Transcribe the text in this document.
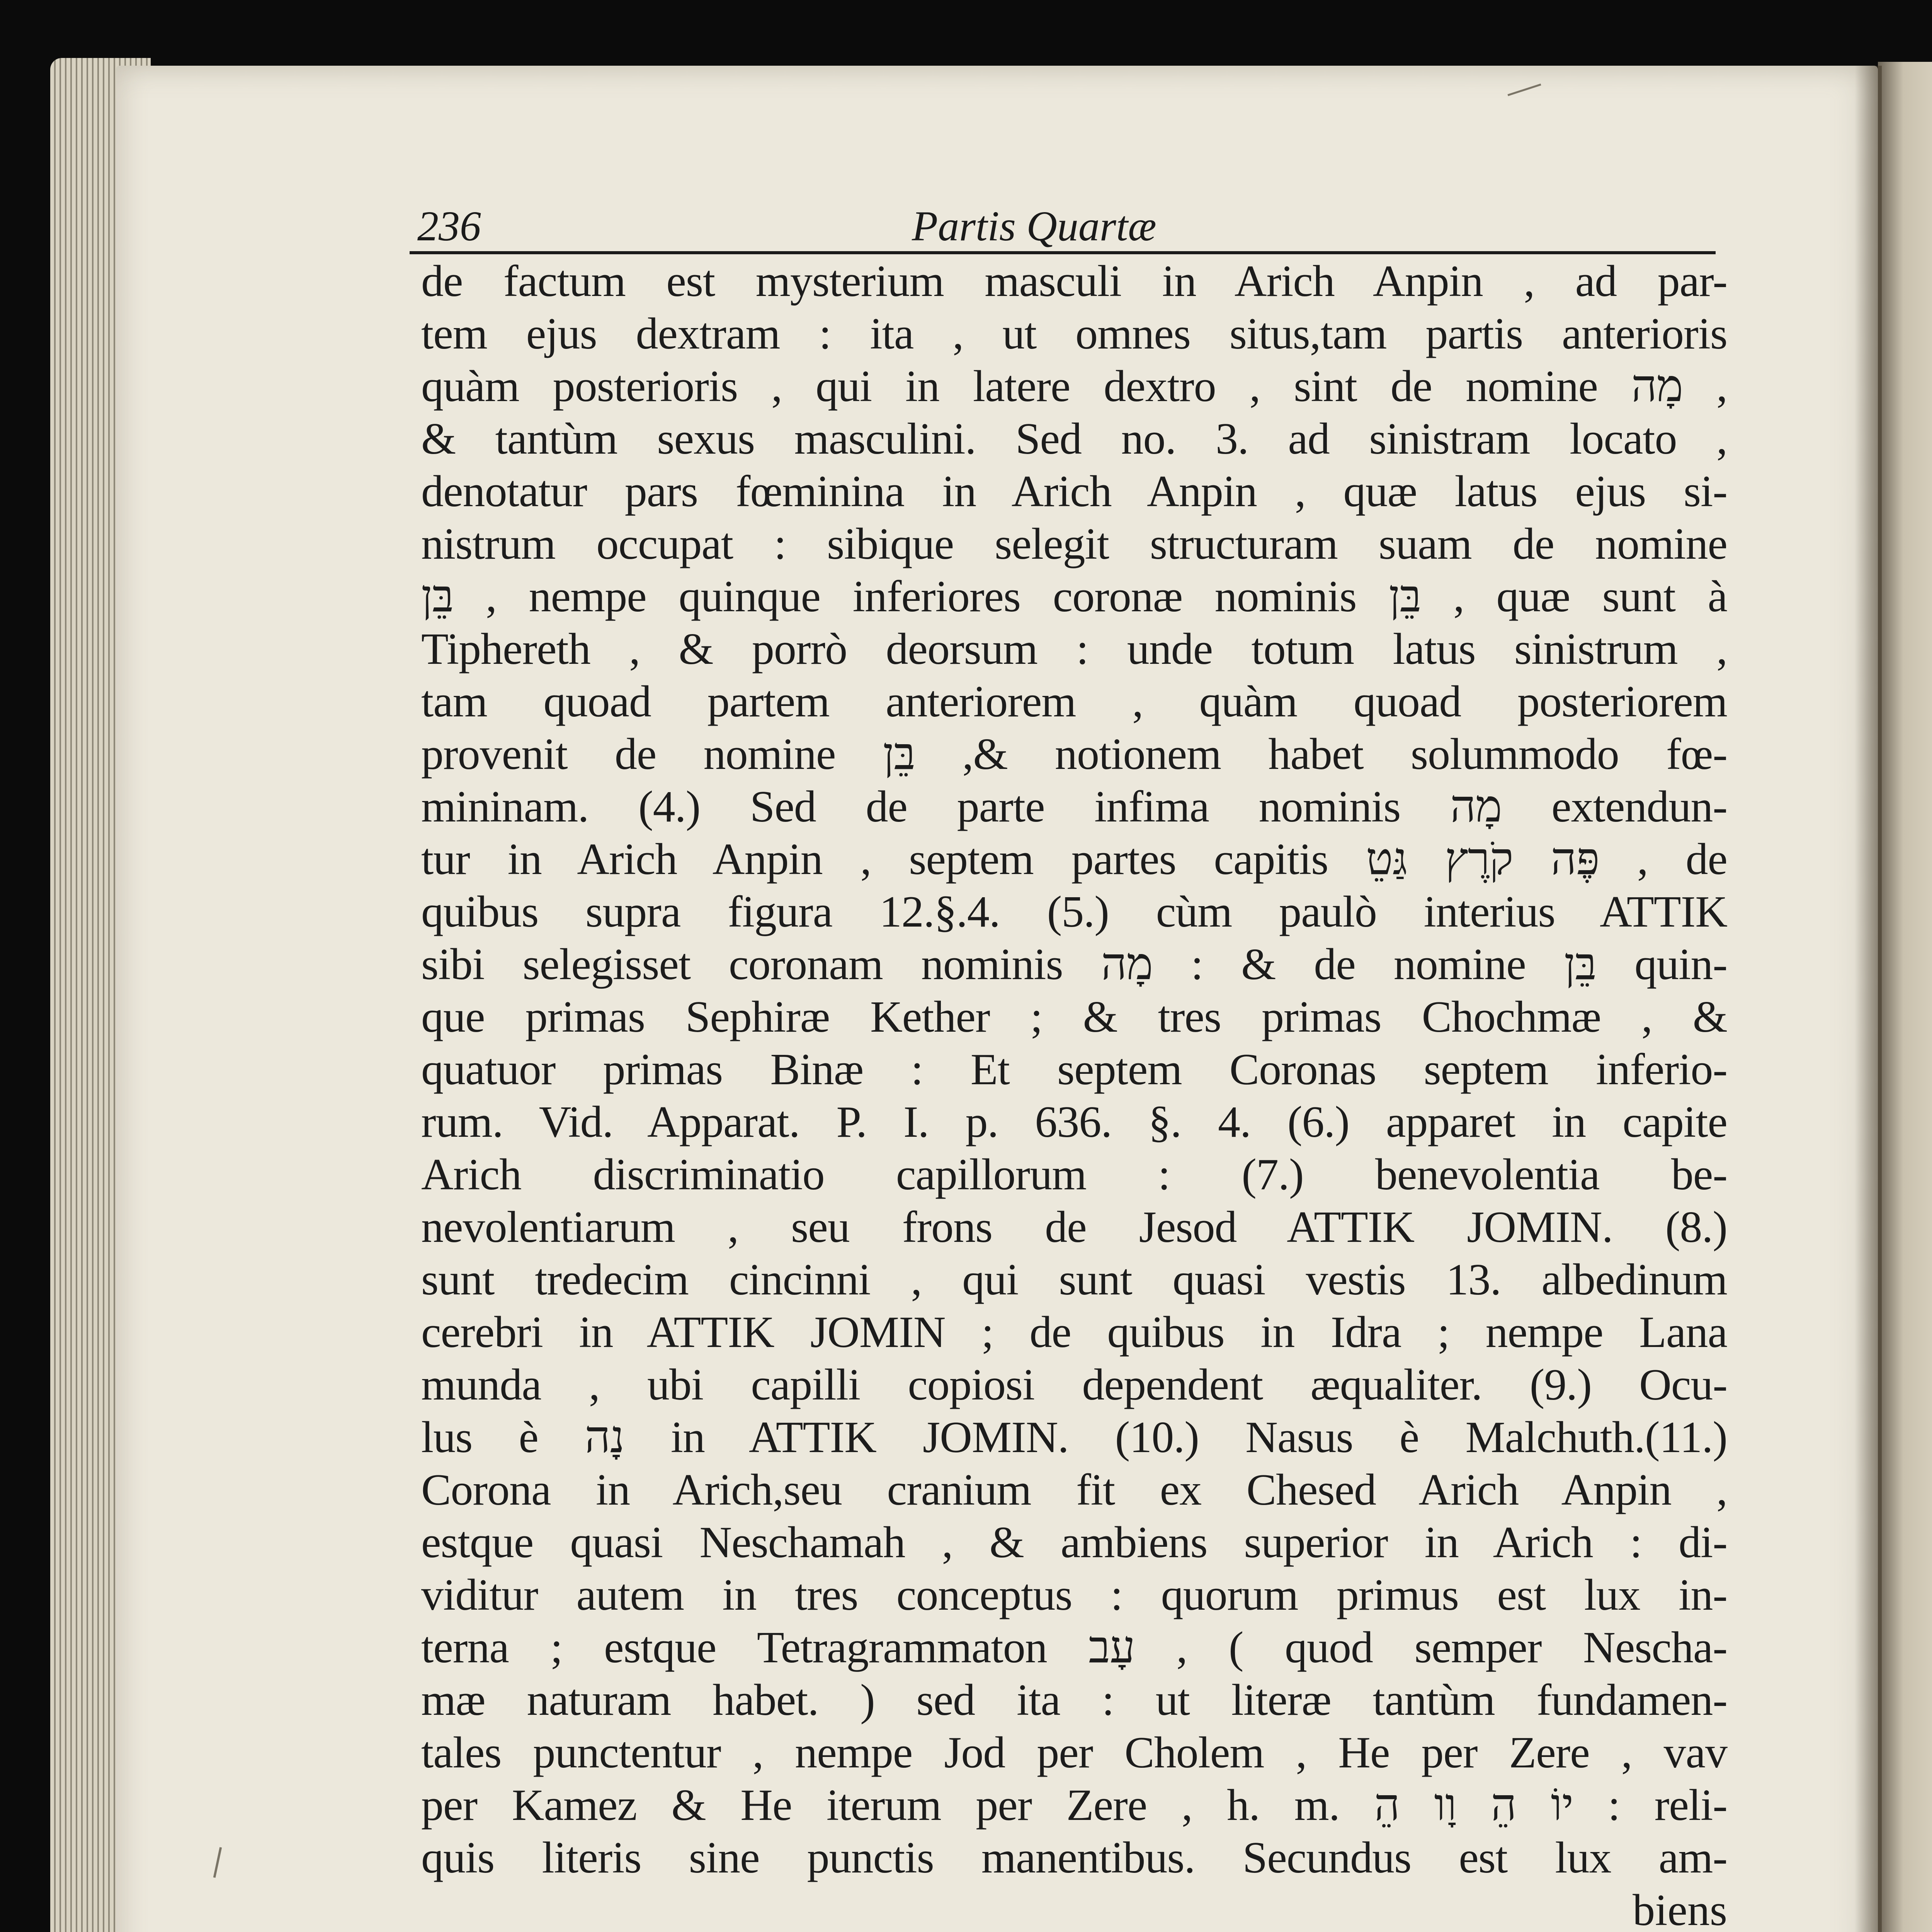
236	Partis Quartæ
de factum est mysterium masculi in Arich Anpin , ad par-
tem ejus dextram : ita , ut omnes situs,tam partis anterioris
quàm posterioris , qui in latere dextro , sint de nomine מָה ,
& tantùm sexus masculini. Sed no. 3. ad sinistram locato ,
denotatur pars fœminina in Arich Anpin , quæ latus ejus si-
nistrum occupat : sibique selegit structuram suam de nomine
בֵּן , nempe quinque inferiores coronæ nominis בֵּן , quæ sunt à
Tiphereth , & porrò deorsum : unde totum latus sinistrum ,
tam quoad partem anteriorem , quàm quoad posteriorem
provenit de nomine בֵּן ,& notionem habet solummodo fœ-
mininam. (4.) Sed de parte infima nominis מָה extendun-
tur in Arich Anpin , septem partes capitis פֶּה קֹרֶץ גַּטֵ , de
quibus supra figura 12.§.4. (5.) cùm paulò interius ATTIK
sibi selegisset coronam nominis מָה : & de nomine בֵּן quin-
que primas Sephiræ Kether ; & tres primas Chochmæ , &
quatuor primas Binæ : Et septem Coronas septem inferio-
rum. Vid. Apparat. P. I. p. 636. §. 4. (6.) apparet in capite
Arich discriminatio capillorum : (7.) benevolentia be-
nevolentiarum , seu frons de Jesod ATTIK JOMIN. (8.)
sunt tredecim cincinni , qui sunt quasi vestis 13. albedinum
cerebri in ATTIK JOMIN ; de quibus in Idra ; nempe Lana
munda , ubi capilli copiosi dependent æqualiter. (9.) Ocu-
lus è נָה in ATTIK JOMIN. (10.) Nasus è Malchuth.(11.)
Corona in Arich,seu cranium fit ex Chesed Arich Anpin ,
estque quasi Neschamah , & ambiens superior in Arich : di-
viditur autem in tres conceptus : quorum primus est lux in-
terna ; estque Tetragrammaton עָב , ( quod semper Nescha-
mæ naturam habet. ) sed ita : ut literæ tantùm fundamen-
tales punctentur , nempe Jod per Cholem , He per Zere , vav
per Kamez & He iterum per Zere , h. m. יוֹ הֵ וָו הֵ : reli-
quis literis sine punctis manentibus. Secundus est lux am-
biens
